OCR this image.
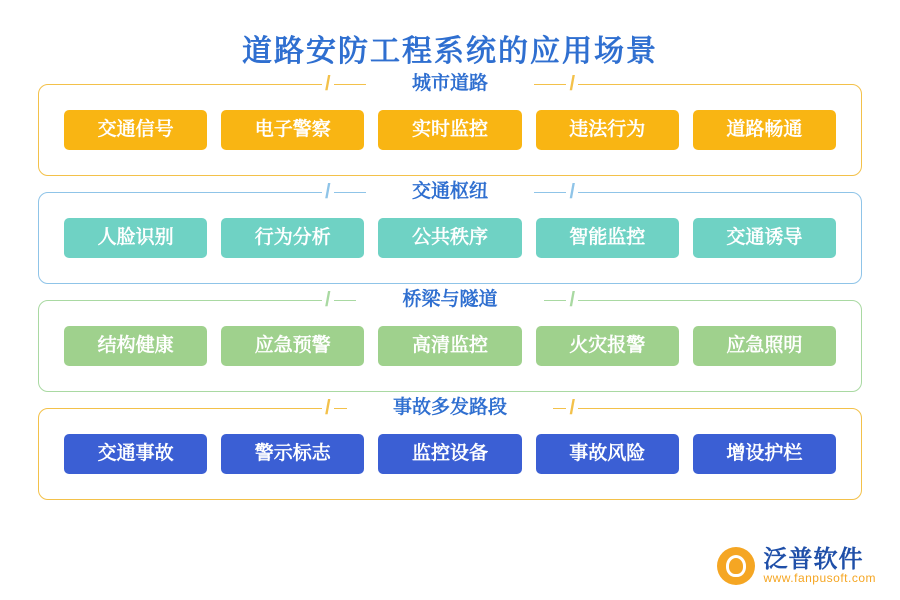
道路安防工程系统的应用场景
城市道路
/	/
交通信号	电子警察	实时监控	违法行为	道路畅通
交通枢纽
/	/
人脸识别	行为分析	公共秩序	智能监控	交通诱导
桥梁与隧道
/	/
结构健康	应急预警	高清监控	火灾报警	应急照明
事故多发路段
/	/
交通事故	警示标志	监控设备	事故风险	增设护栏
泛普软件
www.fanpusoft.com
